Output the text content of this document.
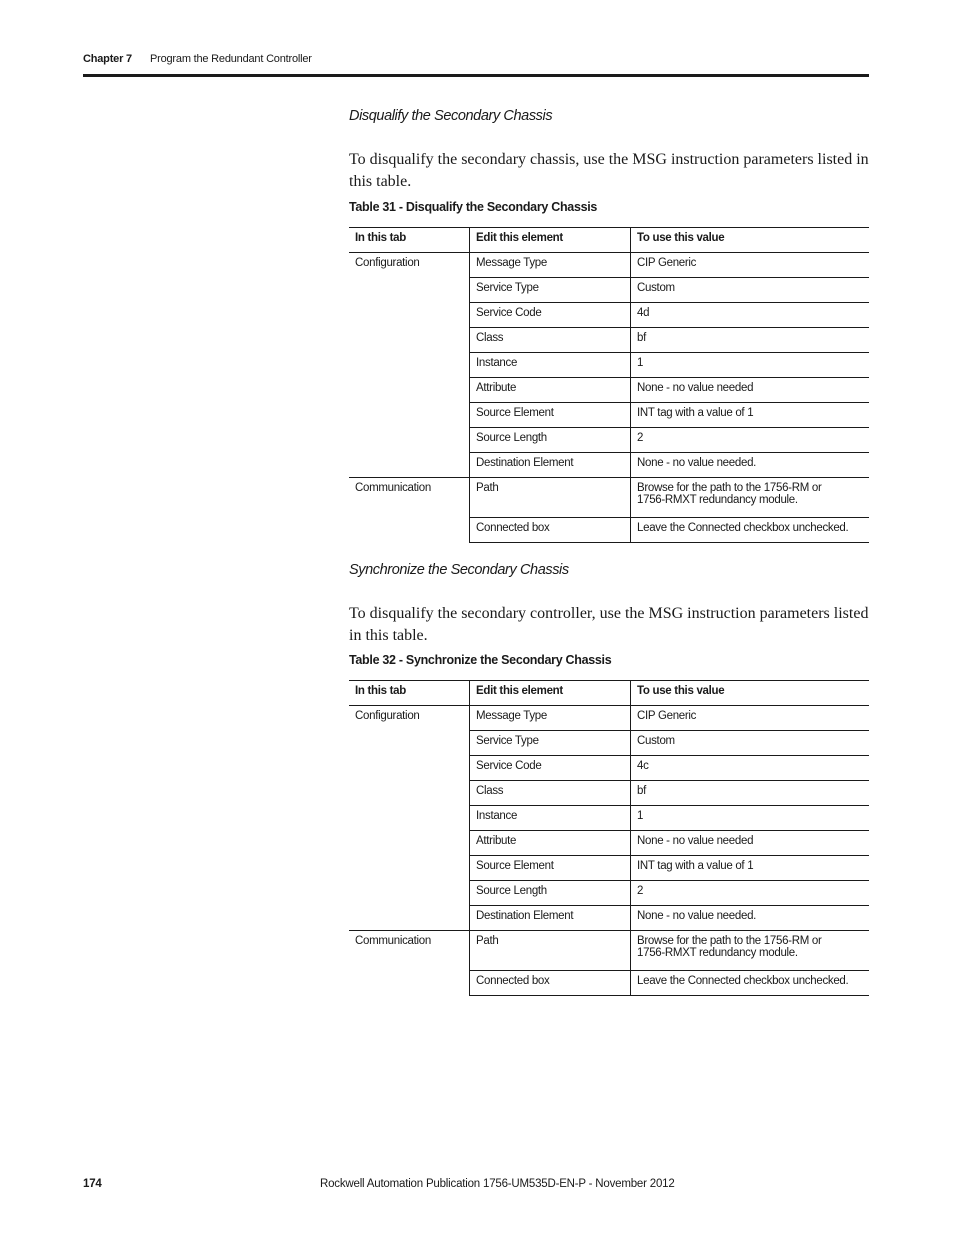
Chapter 7 Program the Redundant Controller
Disqualify the Secondary Chassis
To disqualify the secondary chassis, use the MSG instruction parameters listed in this table.
Table 31 - Disqualify the Secondary Chassis
In this tab	Edit this element	To use this value
Configuration	Message Type	CIP Generic
	Service Type	Custom
	Service Code	4d
	Class	bf
	Instance	1
	Attribute	None - no value needed
	Source Element	INT tag with a value of 1
	Source Length	2
	Destination Element	None - no value needed.
Communication	Path	Browse for the path to the 1756-RM or
1756-RMXT redundancy module.

	Connected box	Leave the Connected checkbox unchecked.
Synchronize the Secondary Chassis
To disqualify the secondary controller, use the MSG instruction parameters listed in this table.
Table 32 - Synchronize the Secondary Chassis
In this tab	Edit this element	To use this value
Configuration	Message Type	CIP Generic
	Service Type	Custom
	Service Code	4c
	Class	bf
	Instance	1
	Attribute	None - no value needed
	Source Element	INT tag with a value of 1
	Source Length	2
	Destination Element	None - no value needed.
Communication	Path	Browse for the path to the 1756-RM or
1756-RMXT redundancy module.

	Connected box	Leave the Connected checkbox unchecked.
174	Rockwell Automation Publication 1756-UM535D-EN-P - November 2012
